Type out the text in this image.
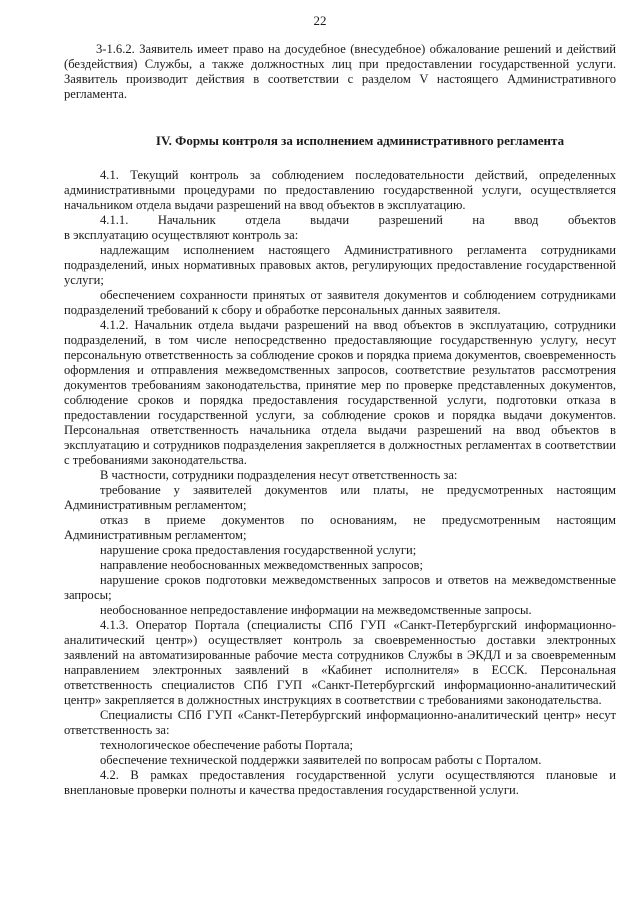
22

3-1.6.2. Заявитель имеет право на досудебное (внесудебное) обжалование решений и действий (бездействия) Службы, а также должностных лиц при предоставлении государственной услуги. Заявитель производит действия в соответствии с разделом V настоящего Административного регламента.

IV. Формы контроля за исполнением административного регламента

4.1. Текущий контроль за соблюдением последовательности действий, определенных административными процедурами по предоставлению государственной услуги, осуществляется начальником отдела выдачи разрешений на ввод объектов в эксплуатацию.

4.1.1. Начальник отдела выдачи разрешений на ввод объектов

в эксплуатацию осуществляют контроль за:

надлежащим исполнением настоящего Административного регламента сотрудниками подразделений, иных нормативных правовых актов, регулирующих предоставление государственной услуги;

обеспечением сохранности принятых от заявителя документов и соблюдением сотрудниками подразделений требований к сбору и обработке персональных данных заявителя.

4.1.2. Начальник отдела выдачи разрешений на ввод объектов в эксплуатацию, сотрудники подразделений, в том числе непосредственно предоставляющие государственную услугу, несут персональную ответственность за соблюдение сроков и порядка приема документов, своевременность оформления и отправления межведомственных запросов, соответствие результатов рассмотрения документов требованиям законодательства, принятие мер по проверке представленных документов, соблюдение сроков и порядка предоставления государственной услуги, подготовки отказа в предоставлении государственной услуги, за соблюдение сроков и порядка выдачи документов. Персональная ответственность начальника отдела выдачи разрешений на ввод объектов в эксплуатацию и сотрудников подразделения закрепляется в должностных регламентах в соответствии с требованиями законодательства.

В частности, сотрудники подразделения несут ответственность за:

требование у заявителей документов или платы, не предусмотренных настоящим Административным регламентом;

отказ в приеме документов по основаниям, не предусмотренным настоящим Административным регламентом;

нарушение срока предоставления государственной услуги;

направление необоснованных межведомственных запросов;

нарушение сроков подготовки межведомственных запросов и ответов на межведомственные запросы;

необоснованное непредоставление информации на межведомственные запросы.

4.1.3. Оператор Портала (специалисты СПб ГУП «Санкт-Петербургский информационно-аналитический центр») осуществляет контроль за своевременностью доставки электронных заявлений на автоматизированные рабочие места сотрудников Службы в ЭКДЛ и за своевременным направлением электронных заявлений в «Кабинет исполнителя» в ЕССК. Персональная ответственность специалистов СПб ГУП «Санкт-Петербургский информационно-аналитический центр» закрепляется в должностных инструкциях в соответствии с требованиями законодательства.

Специалисты СПб ГУП «Санкт-Петербургский информационно-аналитический центр» несут ответственность за:

технологическое обеспечение работы Портала;

обеспечение технической поддержки заявителей по вопросам работы с Порталом.

4.2. В рамках предоставления государственной услуги осуществляются плановые и внеплановые проверки полноты и качества предоставления государственной услуги.
